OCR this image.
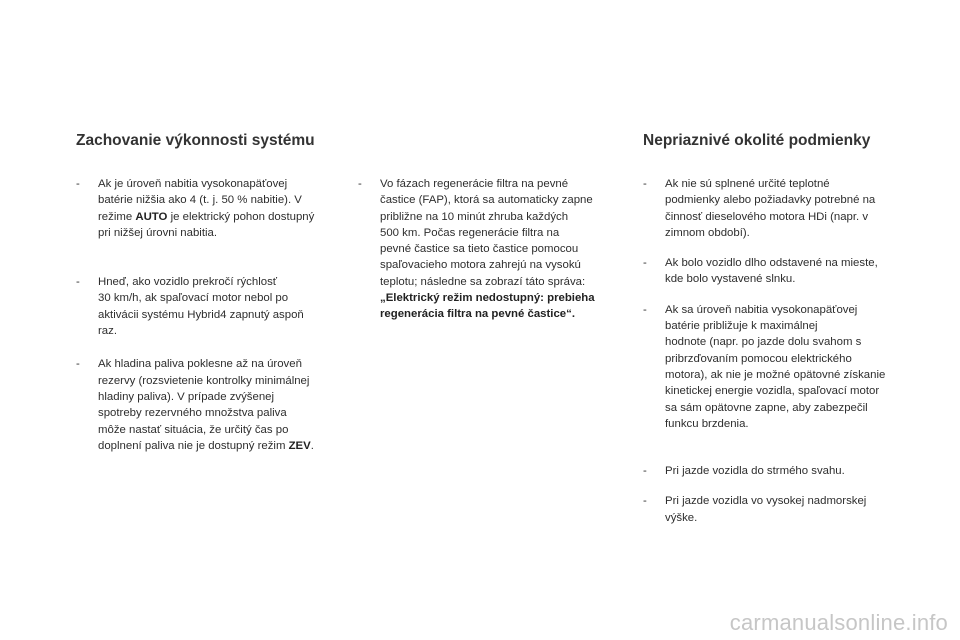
Zachovanie výkonnosti systému	Nepriaznivé okolité podmienky
- Ak je úroveň nabitia vysokonapäťovej
batérie nižšia ako 4 (t. j. 50 % nabitie). V
režime AUTO je elektrický pohon dostupný
pri nižšej úrovni nabitia.
- Hneď, ako vozidlo prekročí rýchlosť
30 km/h, ak spaľovací motor nebol po
aktivácii systému Hybrid4 zapnutý aspoň
raz.
- Ak hladina paliva poklesne až na úroveň
rezervy (rozsvietenie kontrolky minimálnej
hladiny paliva). V prípade zvýšenej
spotreby rezervného množstva paliva
môže nastať situácia, že určitý čas po
doplnení paliva nie je dostupný režim ZEV.
- Vo fázach regenerácie filtra na pevné
častice (FAP), ktorá sa automaticky zapne
približne na 10 minút zhruba každých
500 km. Počas regenerácie filtra na
pevné častice sa tieto častice pomocou
spaľovacieho motora zahrejú na vysokú
teplotu; následne sa zobrazí táto správa:
„Elektrický režim nedostupný: prebieha
regenerácia filtra na pevné častice“.
- Ak nie sú splnené určité teplotné
podmienky alebo požiadavky potrebné na
činnosť dieselového motora HDi (napr. v
zimnom období).
- Ak bolo vozidlo dlho odstavené na mieste,
kde bolo vystavené slnku.
- Ak sa úroveň nabitia vysokonapäťovej
batérie približuje k maximálnej
hodnote (napr. po jazde dolu svahom s
pribrzďovaním pomocou elektrického
motora), ak nie je možné opätovné získanie
kinetickej energie vozidla, spaľovací motor
sa sám opätovne zapne, aby zabezpečil
funkcu brzdenia.
- Pri jazde vozidla do strmého svahu.
- Pri jazde vozidla vo vysokej nadmorskej
výške.
carmanualsonline.info
